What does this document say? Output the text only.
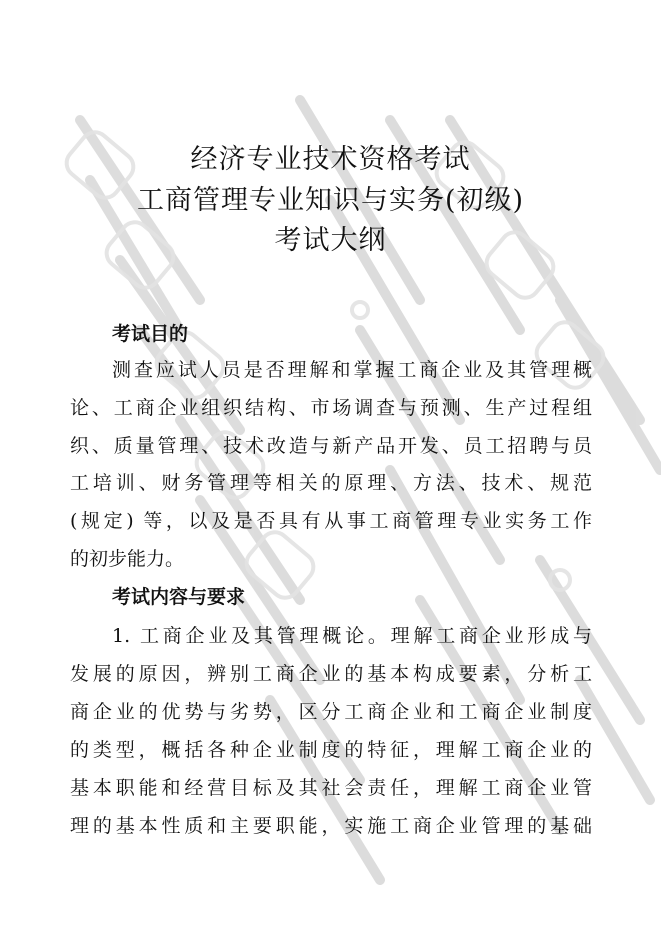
经济专业技术资格考试
工商管理专业知识与实务(初级)
考试大纲
考试目的
测查应试人员是否理解和掌握工商企业及其管理概
论、工商企业组织结构、市场调查与预测、生产过程组
织、质量管理、技术改造与新产品开发、员工招聘与员
工培训、财务管理等相关的原理、方法、技术、规范
(规定) 等，以及是否具有从事工商管理专业实务工作
的初步能力。
考试内容与要求
1. 工商企业及其管理概论。理解工商企业形成与
发展的原因，辨别工商企业的基本构成要素，分析工
商企业的优势与劣势，区分工商企业和工商企业制度
的类型，概括各种企业制度的特征，理解工商企业的
基本职能和经营目标及其社会责任，理解工商企业管
理的基本性质和主要职能，实施工商企业管理的基础
